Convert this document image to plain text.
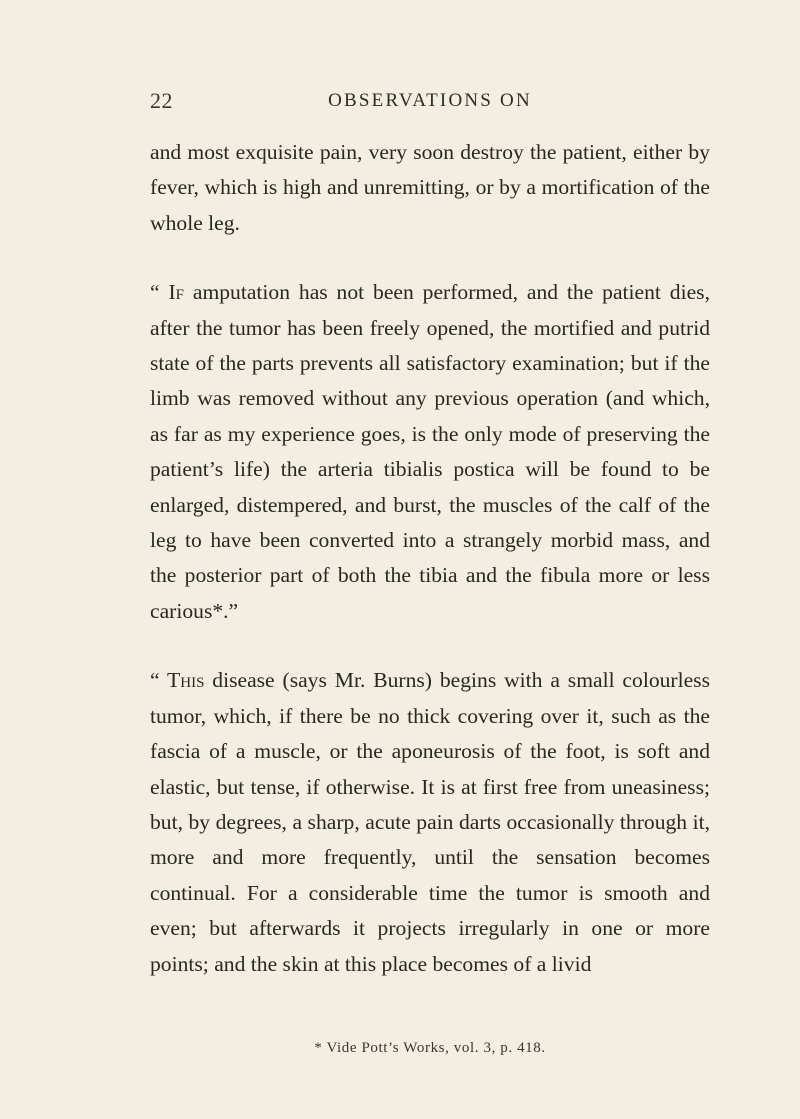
22	OBSERVATIONS ON

and most exquisite pain, very soon destroy the patient, either by fever, which is high and unremitting, or by a mortification of the whole leg.

“ If amputation has not been performed, and the patient dies, after the tumor has been freely opened, the mortified and putrid state of the parts prevents all satisfactory examination; but if the limb was removed without any previous operation (and which, as far as my experience goes, is the only mode of preserving the patient’s life) the arteria tibialis postica will be found to be enlarged, distempered, and burst, the muscles of the calf of the leg to have been converted into a strangely morbid mass, and the posterior part of both the tibia and the fibula more or less carious*.”

“ This disease (says Mr. Burns) begins with a small colourless tumor, which, if there be no thick covering over it, such as the fascia of a muscle, or the aponeurosis of the foot, is soft and elastic, but tense, if otherwise. It is at first free from uneasiness; but, by degrees, a sharp, acute pain darts occasionally through it, more and more frequently, until the sensation becomes continual. For a considerable time the tumor is smooth and even; but afterwards it projects irregularly in one or more points; and the skin at this place becomes of a livid

* Vide Pott’s Works, vol. 3, p. 418.
